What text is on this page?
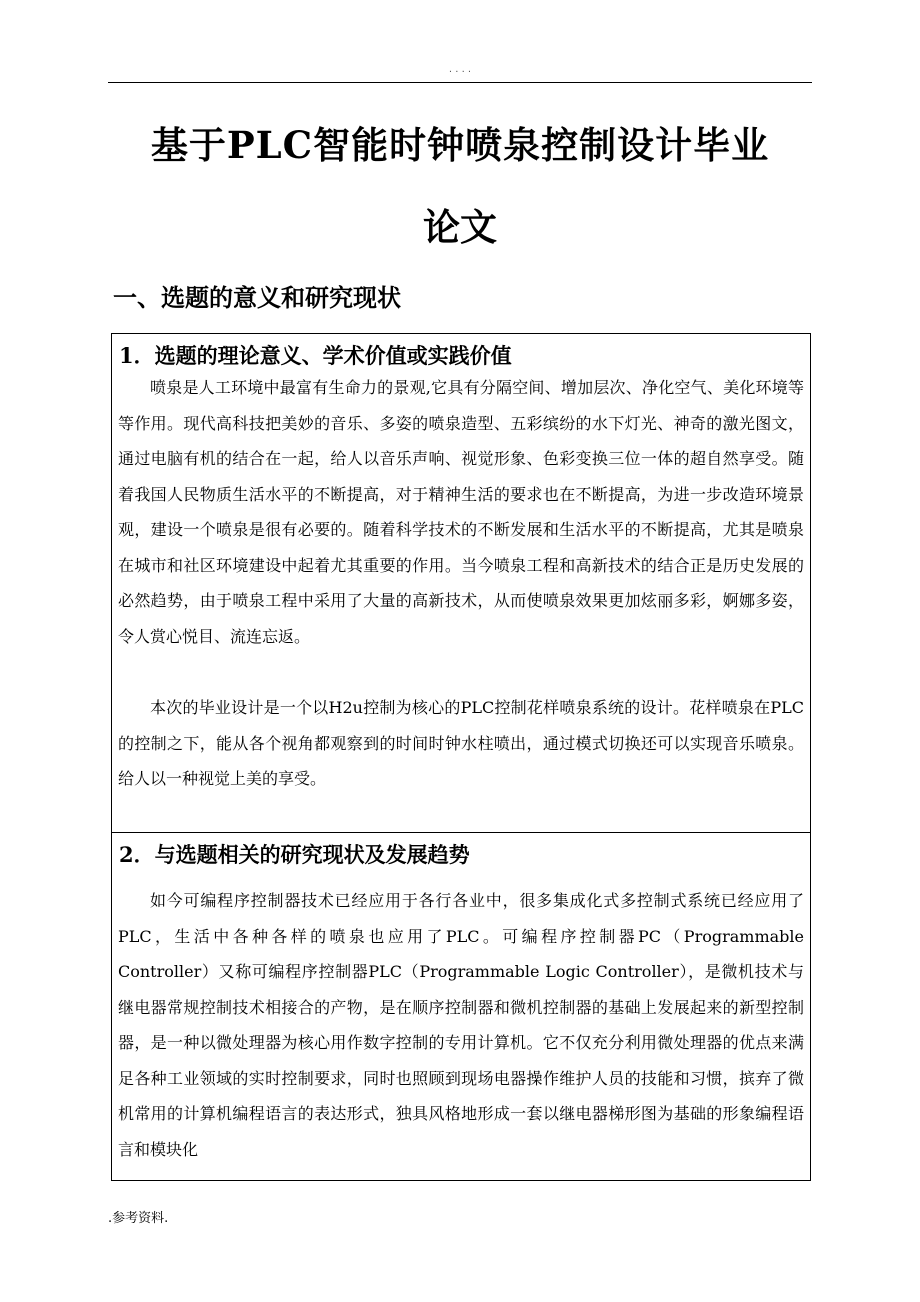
. . . .
基于PLC智能时钟喷泉控制设计毕业
论文
一、选题的意义和研究现状
1．选题的理论意义、学术价值或实践价值

喷泉是人工环境中最富有生命力的景观,它具有分隔空间、增加层次、净化空气、美化环境等等作用。现代高科技把美妙的音乐、多姿的喷泉造型、五彩缤纷的水下灯光、神奇的激光图文，通过电脑有机的结合在一起，给人以音乐声响、视觉形象、色彩变换三位一体的超自然享受。随着我国人民物质生活水平的不断提高，对于精神生活的要求也在不断提高，为进一步改造环境景观，建设一个喷泉是很有必要的。随着科学技术的不断发展和生活水平的不断提高，尤其是喷泉在城市和社区环境建设中起着尤其重要的作用。当今喷泉工程和高新技术的结合正是历史发展的必然趋势，由于喷泉工程中采用了大量的高新技术，从而使喷泉效果更加炫丽多彩，婀娜多姿，令人赏心悦目、流连忘返。

本次的毕业设计是一个以H2u控制为核心的PLC控制花样喷泉系统的设计。花样喷泉在PLC的控制之下，能从各个视角都观察到的时间时钟水柱喷出，通过模式切换还可以实现音乐喷泉。给人以一种视觉上美的享受。

2．与选题相关的研究现状及发展趋势

如今可编程序控制器技术已经应用于各行各业中，很多集成化式多控制式系统已经应用了PLC，生活中各种各样的喷泉也应用了PLC。可编程序控制器PC（Programmable Controller）又称可编程序控制器PLC（Programmable Logic Controller），是微机技术与继电器常规控制技术相接合的产物，是在顺序控制器和微机控制器的基础上发展起来的新型控制器，是一种以微处理器为核心用作数字控制的专用计算机。它不仅充分利用微处理器的优点来满足各种工业领域的实时控制要求，同时也照顾到现场电器操作维护人员的技能和习惯，摈弃了微机常用的计算机编程语言的表达形式，独具风格地形成一套以继电器梯形图为基础的形象编程语言和模块化

.参考资料.
